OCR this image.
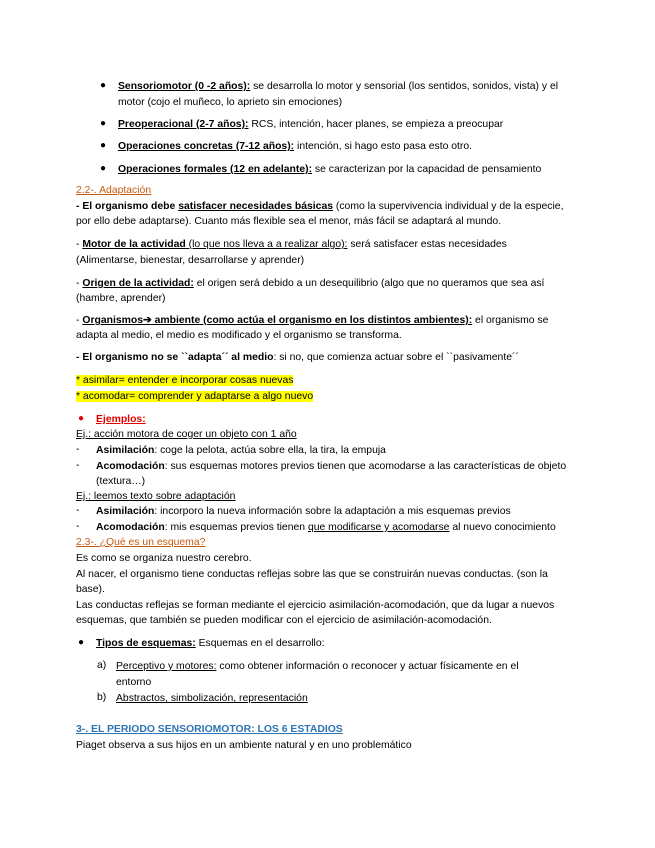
● Sensoriomotor (0 -2 años): se desarrolla lo motor y sensorial (los sentidos, sonidos, vista) y el
motor (cojo el muñeco, lo aprieto sin emociones)
● Preoperacional (2-7 años): RCS, intención, hacer planes, se empieza a preocupar
● Operaciones concretas (7-12 años): intención, si hago esto pasa esto otro.
● Operaciones formales (12 en adelante): se caracterizan por la capacidad de pensamiento
2.2-. Adaptación
- El organismo debe satisfacer necesidades básicas (como la supervivencia individual y de la especie,
por ello debe adaptarse). Cuanto más flexible sea el menor, más fácil se adaptará al mundo.
- Motor de la actividad (lo que nos lleva a a realizar algo): será satisfacer estas necesidades
(Alimentarse, bienestar, desarrollarse y aprender)
- Origen de la actividad: el origen será debido a un desequilibrio (algo que no queramos que sea así
(hambre, aprender)
- Organismos➔ ambiente (como actúa el organismo en los distintos ambientes): el organismo se
adapta al medio, el medio es modificado y el organismo se transforma.
- El organismo no se ``adapta´´ al medio: si no, que comienza actuar sobre el ``pasivamente´´
* asimilar= entender e incorporar cosas nuevas
* acomodar= comprender y adaptarse a algo nuevo
● Ejemplos:
Ej.: acción motora de coger un objeto con 1 año
- Asimilación: coge la pelota, actúa sobre ella, la tira, la empuja
- Acomodación: sus esquemas motores previos tienen que acomodarse a las características de objeto
(textura…)
Ej.: leemos texto sobre adaptación
- Asimilación: incorporo la nueva información sobre la adaptación a mis esquemas previos
- Acomodación: mis esquemas previos tienen que modificarse y acomodarse al nuevo conocimiento
2.3-. ¿Qué es un esquema?
Es como se organiza nuestro cerebro.
Al nacer, el organismo tiene conductas reflejas sobre las que se construirán nuevas conductas. (son la
base).
Las conductas reflejas se forman mediante el ejercicio asimilación-acomodación, que da lugar a nuevos
esquemas, que también se pueden modificar con el ejercicio de asimilación-acomodación.
● Tipos de esquemas: Esquemas en el desarrollo:
a) Perceptivo y motores: como obtener información o reconocer y actuar físicamente en el
entorno
b) Abstractos, simbolización, representación
3-. EL PERIODO SENSORIOMOTOR: LOS 6 ESTADIOS
Piaget observa a sus hijos en un ambiente natural y en uno problemático
